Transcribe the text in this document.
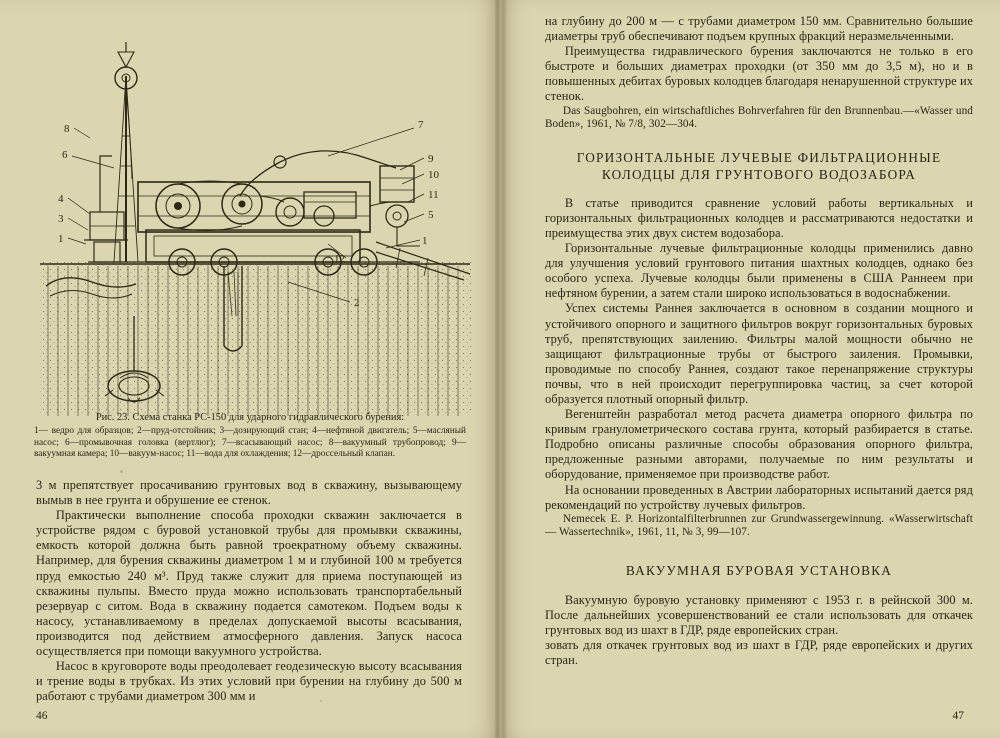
8
6
4
3
1
7
9
10
11
5
1
12
2
Рис. 23. Схема станка РС-150 для ударного гидравлического бурения:
1— ведро для образцов; 2—пруд-отстойник; 3—дозирующий стан; 4—нефтяной двигатель; 5—масляный насос; 6—промывочная головка (вертлюг); 7—всасывающий насос; 8—вакуумный трубопровод; 9—вакуумная камера; 10—вакуум-насос; 11—вода для охлаждения; 12—дроссельный клапан.

3 м препятствует просачиванию грунтовых вод в скважину, вызывающему вымыв в нее грунта и обрушение ее стенок.

Практически выполнение способа проходки скважин заключается в устройстве рядом с буровой установкой трубы для промывки скважины, емкость которой должна быть равной троекратному объему скважины. Например, для бурения скважины диаметром 1 м и глубиной 100 м требуется пруд емкостью 240 м³. Пруд также служит для приема поступающей из скважины пульпы. Вместо пруда можно использовать транспортабельный резервуар с ситом. Вода в скважину подается самотеком. Подъем воды к насосу, устанавливаемому в пределах допускаемой высоты всасывания, производится под действием атмосферного давления. Запуск насоса осуществляется при помощи вакуумного устройства.

Насос в круговороте воды преодолевает геодезическую высоту всасывания и трение воды в трубках. Из этих условий при бурении на глубину до 500 м работают с трубами диаметром 300 мм и

на глубину до 200 м — с трубами диаметром 150 мм. Сравнительно большие диаметры труб обеспечивают подъем крупных фракций неразмельченными.

Преимущества гидравлического бурения заключаются не только в его быстроте и больших диаметрах проходки (от 350 мм до 3,5 м), но и в повышенных дебитах буровых колодцев благодаря ненарушенной структуре их стенок.

Das Saugbohren, ein wirtschaftliches Bohrverfahren für den Brunnenbau.—«Wasser und Boden», 1961, № 7/8, 302—304.

ГОРИЗОНТАЛЬНЫЕ ЛУЧЕВЫЕ ФИЛЬТРАЦИОННЫЕ КОЛОДЦЫ ДЛЯ ГРУНТОВОГО ВОДОЗАБОРА

В статье приводится сравнение условий работы вертикальных и горизонтальных фильтрационных колодцев и рассматриваются недостатки и преимущества этих двух систем водозабора.

Горизонтальные лучевые фильтрационные колодцы применились давно для улучшения условий грунтового питания шахтных колодцев, однако без особого успеха. Лучевые колодцы были применены в США Раннеем при нефтяном бурении, а затем стали широко использоваться в водоснабжении.

Успех системы Раннея заключается в основном в создании мощного и устойчивого опорного и защитного фильтров вокруг горизонтальных буровых труб, препятствующих заилению. Фильтры малой мощности обычно не защищают фильтрационные трубы от быстрого заиления. Промывки, проводимые по способу Раннея, создают такое перенапряжение структуры почвы, что в ней происходит перегруппировка частиц, за счет которой образуется плотный опорный фильтр.

Вегенштейн разработал метод расчета диаметра опорного фильтра по кривым гранулометрического состава грунта, который разбирается в статье. Подробно описаны различные способы образования опорного фильтра, предложенные разными авторами, получаемые по ним результаты и оборудование, применяемое при производстве работ.

На основании проведенных в Австрии лабораторных испытаний дается ряд рекомендаций по устройству лучевых фильтров.

Nemecek E. P. Horizontalfilterbrunnen zur Grundwassergewinnung. «Wasserwirtschaft — Wassertechnik», 1961, 11, № 3, 99—107.

ВАКУУМНАЯ БУРОВАЯ УСТАНОВКА

Вакуумную буровую установку применяют с 1953 г. в рейнской 300 м. После дальнейших усовершенствований ее стали использовать для откачек грунтовых вод из шахт в ГДР, ряде европейских стран.

зовать для откачек грунтовых вод из шахт в ГДР, ряде европейских и других стран.

46	47
